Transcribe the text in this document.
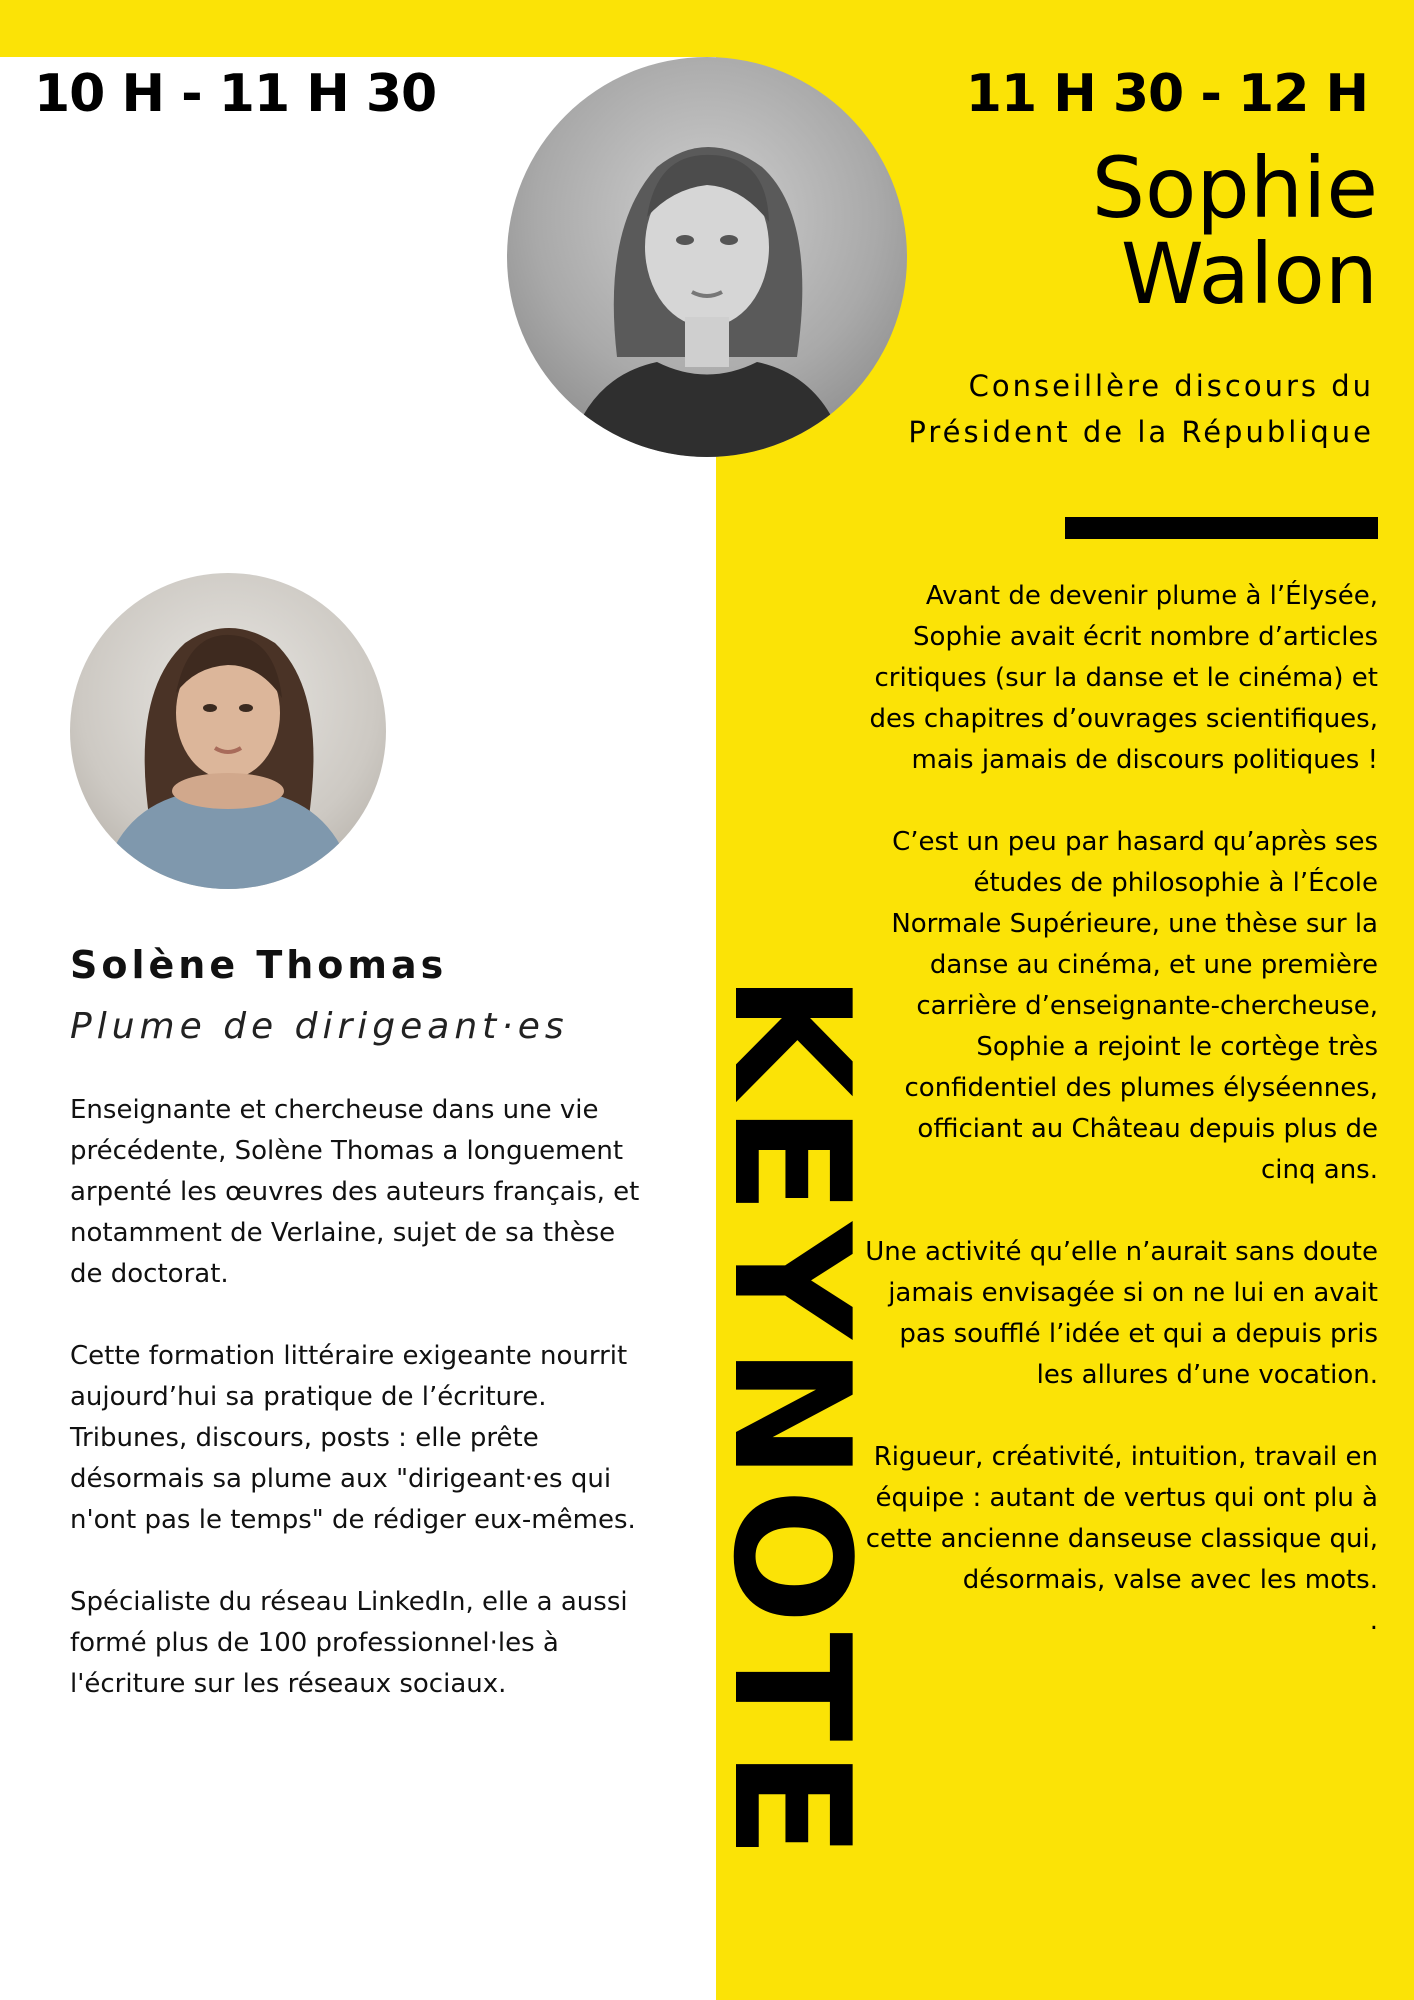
10 H - 11 H 30	11 H 30 - 12 H
Sophie
Walon
Conseillère discours du
Président de la République

Avant de devenir plume à l’Élysée, Sophie avait écrit nombre d’articles critiques (sur la danse et le cinéma) et des chapitres d’ouvrages scientifiques, mais jamais de discours politiques !

C’est un peu par hasard qu’après ses études de philosophie à l’École Normale Supérieure, une thèse sur la danse au cinéma, et une première carrière d’enseignante-chercheuse, Sophie a rejoint le cortège très confidentiel des plumes élyséennes, officiant au Château depuis plus de cinq ans.

Une activité qu’elle n’aurait sans doute jamais envisagée si on ne lui en avait pas soufflé l’idée et qui a depuis pris les allures d’une vocation.

Rigueur, créativité, intuition, travail en équipe : autant de vertus qui ont plu à cette ancienne danseuse classique qui, désormais, valse avec les mots.

.

KEYNOTE
Solène Thomas
Plume de dirigeant·es

Enseignante et chercheuse dans une vie précédente, Solène Thomas a longuement arpenté les œuvres des auteurs français, et notamment de Verlaine, sujet de sa thèse de doctorat.

Cette formation littéraire exigeante nourrit aujourd’hui sa pratique de l’écriture. Tribunes, discours, posts : elle prête désormais sa plume aux "dirigeant·es qui n'ont pas le temps" de rédiger eux-mêmes.

Spécialiste du réseau LinkedIn, elle a aussi formé plus de 100 professionnel·les à l'écriture sur les réseaux sociaux.
